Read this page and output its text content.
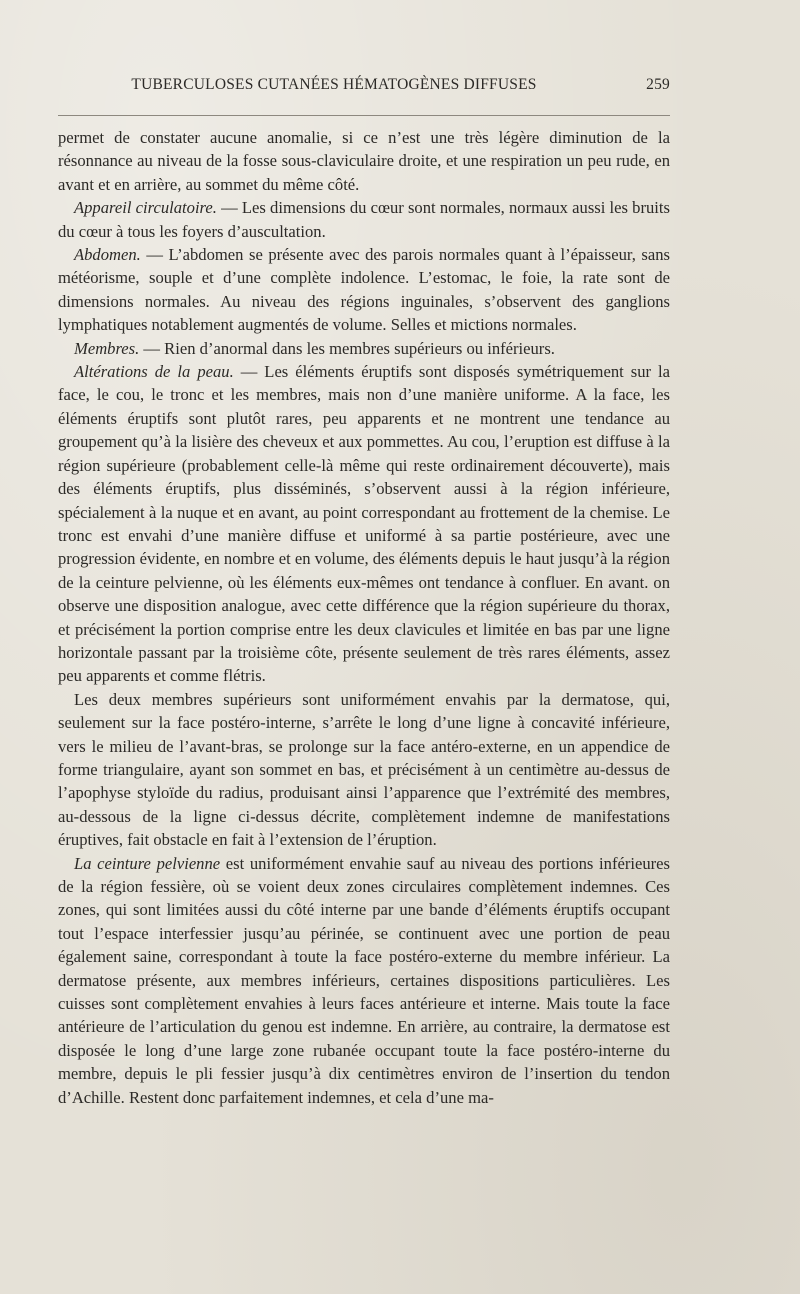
TUBERCULOSES CUTANÉES HÉMATOGÈNES DIFFUSES	259

permet de constater aucune anomalie, si ce n’est une très légère diminution de la résonnance au niveau de la fosse sous-claviculaire droite, et une respiration un peu rude, en avant et en arrière, au sommet du même côté.

Appareil circulatoire. — Les dimensions du cœur sont normales, normaux aussi les bruits du cœur à tous les foyers d’auscultation.

Abdomen. — L’abdomen se présente avec des parois normales quant à l’épaisseur, sans météorisme, souple et d’une complète indolence. L’estomac, le foie, la rate sont de dimensions normales. Au niveau des régions inguinales, s’observent des ganglions lymphatiques notablement augmentés de volume. Selles et mictions normales.

Membres. — Rien d’anormal dans les membres supérieurs ou inférieurs.

Altérations de la peau. — Les éléments éruptifs sont disposés symétriquement sur la face, le cou, le tronc et les membres, mais non d’une manière uniforme. A la face, les éléments éruptifs sont plutôt rares, peu apparents et ne montrent une tendance au groupement qu’à la lisière des cheveux et aux pommettes. Au cou, l’eruption est diffuse à la région supérieure (probablement celle-là même qui reste ordinairement découverte), mais des éléments éruptifs, plus disséminés, s’observent aussi à la région inférieure, spécialement à la nuque et en avant, au point correspondant au frottement de la chemise. Le tronc est envahi d’une manière diffuse et uniformé à sa partie postérieure, avec une progression évidente, en nombre et en volume, des éléments depuis le haut jusqu’à la région de la ceinture pelvienne, où les éléments eux-mêmes ont tendance à confluer. En avant. on observe une disposition analogue, avec cette différence que la région supérieure du thorax, et précisément la portion comprise entre les deux clavicules et limitée en bas par une ligne horizontale passant par la troisième côte, présente seulement de très rares éléments, assez peu apparents et comme flétris.

Les deux membres supérieurs sont uniformément envahis par la dermatose, qui, seulement sur la face postéro-interne, s’arrête le long d’une ligne à concavité inférieure, vers le milieu de l’avant-bras, se prolonge sur la face antéro-externe, en un appendice de forme triangulaire, ayant son sommet en bas, et précisément à un centimètre au-dessus de l’apophyse styloïde du radius, produisant ainsi l’apparence que l’extrémité des membres, au-dessous de la ligne ci-dessus décrite, complètement indemne de manifestations éruptives, fait obstacle en fait à l’extension de l’éruption.

La ceinture pelvienne est uniformément envahie sauf au niveau des portions inférieures de la région fessière, où se voient deux zones circulaires complètement indemnes. Ces zones, qui sont limitées aussi du côté interne par une bande d’éléments éruptifs occupant tout l’espace interfessier jusqu’au périnée, se continuent avec une portion de peau également saine, correspondant à toute la face postéro-externe du membre inférieur. La dermatose présente, aux membres inférieurs, certaines dispositions particulières. Les cuisses sont complètement envahies à leurs faces antérieure et interne. Mais toute la face antérieure de l’articulation du genou est indemne. En arrière, au contraire, la dermatose est disposée le long d’une large zone rubanée occupant toute la face postéro-interne du membre, depuis le pli fessier jusqu’à dix centimètres environ de l’insertion du tendon d’Achille. Restent donc parfaitement indemnes, et cela d’une ma-
